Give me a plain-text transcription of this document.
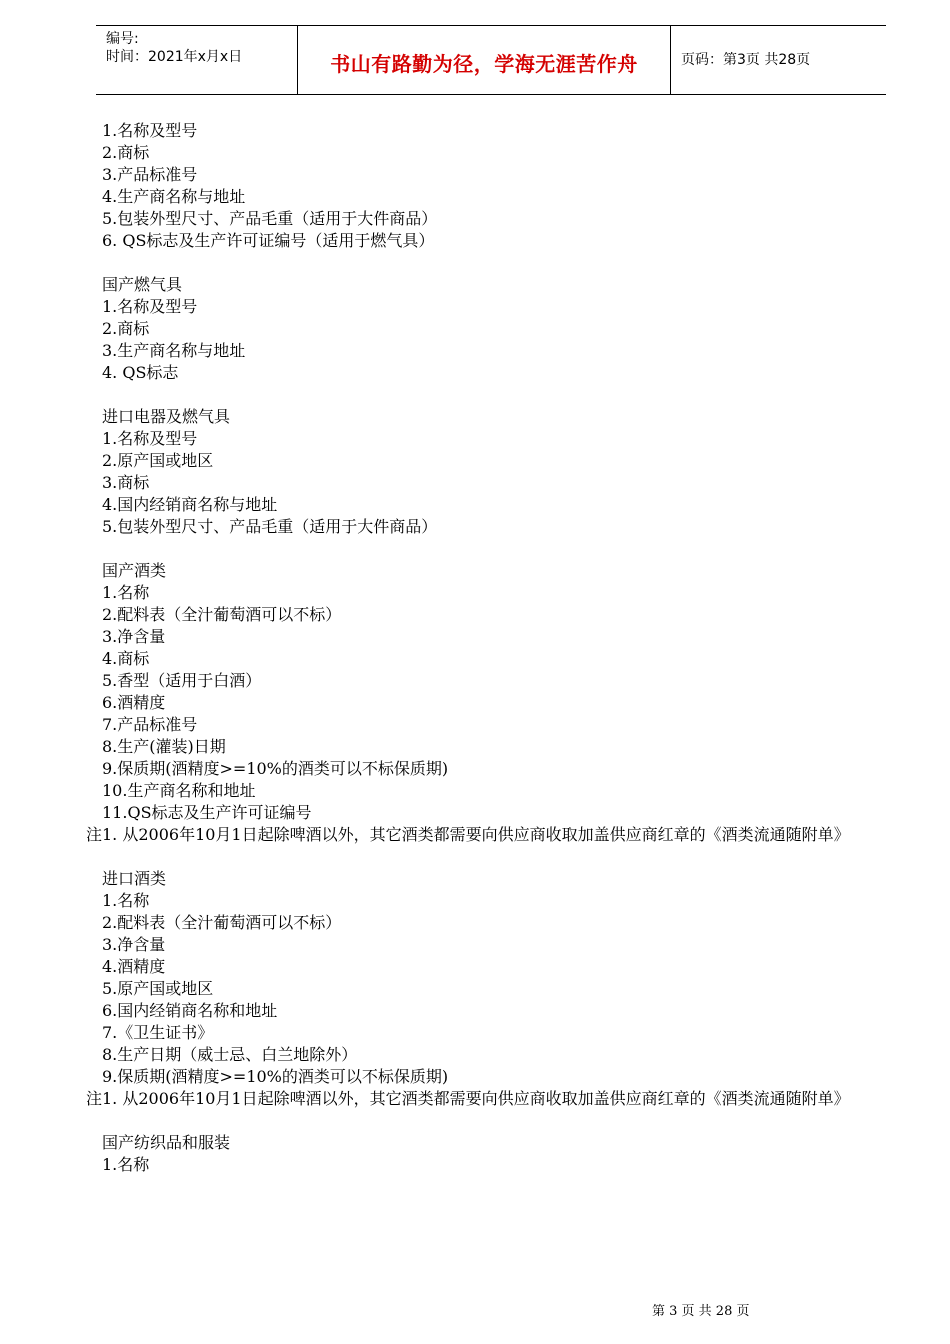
编号:
时间：2021年x月x日	书山有路勤为径，学海无涯苦作舟	页码：第3页 共28页
1.名称及型号
2.商标
3.产品标准号
4.生产商名称与地址
5.包装外型尺寸、产品毛重（适用于大件商品）
6. QS标志及生产许可证编号（适用于燃气具）
国产燃气具
1.名称及型号
2.商标
3.生产商名称与地址
4. QS标志
进口电器及燃气具
1.名称及型号
2.原产国或地区
3.商标
4.国内经销商名称与地址
5.包装外型尺寸、产品毛重（适用于大件商品）
国产酒类
1.名称
2.配料表（全汁葡萄酒可以不标）
3.净含量
4.商标
5.香型（适用于白酒）
6.酒精度
7.产品标准号
8.生产(灌装)日期
9.保质期(酒精度>=10%的酒类可以不标保质期)
10.生产商名称和地址
11.QS标志及生产许可证编号
注1. 从2006年10月1日起除啤酒以外，其它酒类都需要向供应商收取加盖供应商红章的《酒类流通随附单》
进口酒类
1.名称
2.配料表（全汁葡萄酒可以不标）
3.净含量
4.酒精度
5.原产国或地区
6.国内经销商名称和地址
7.《卫生证书》
8.生产日期（威士忌、白兰地除外）
9.保质期(酒精度>=10%的酒类可以不标保质期)
注1. 从2006年10月1日起除啤酒以外，其它酒类都需要向供应商收取加盖供应商红章的《酒类流通随附单》
国产纺织品和服装
1.名称
第 3 页 共 28 页
